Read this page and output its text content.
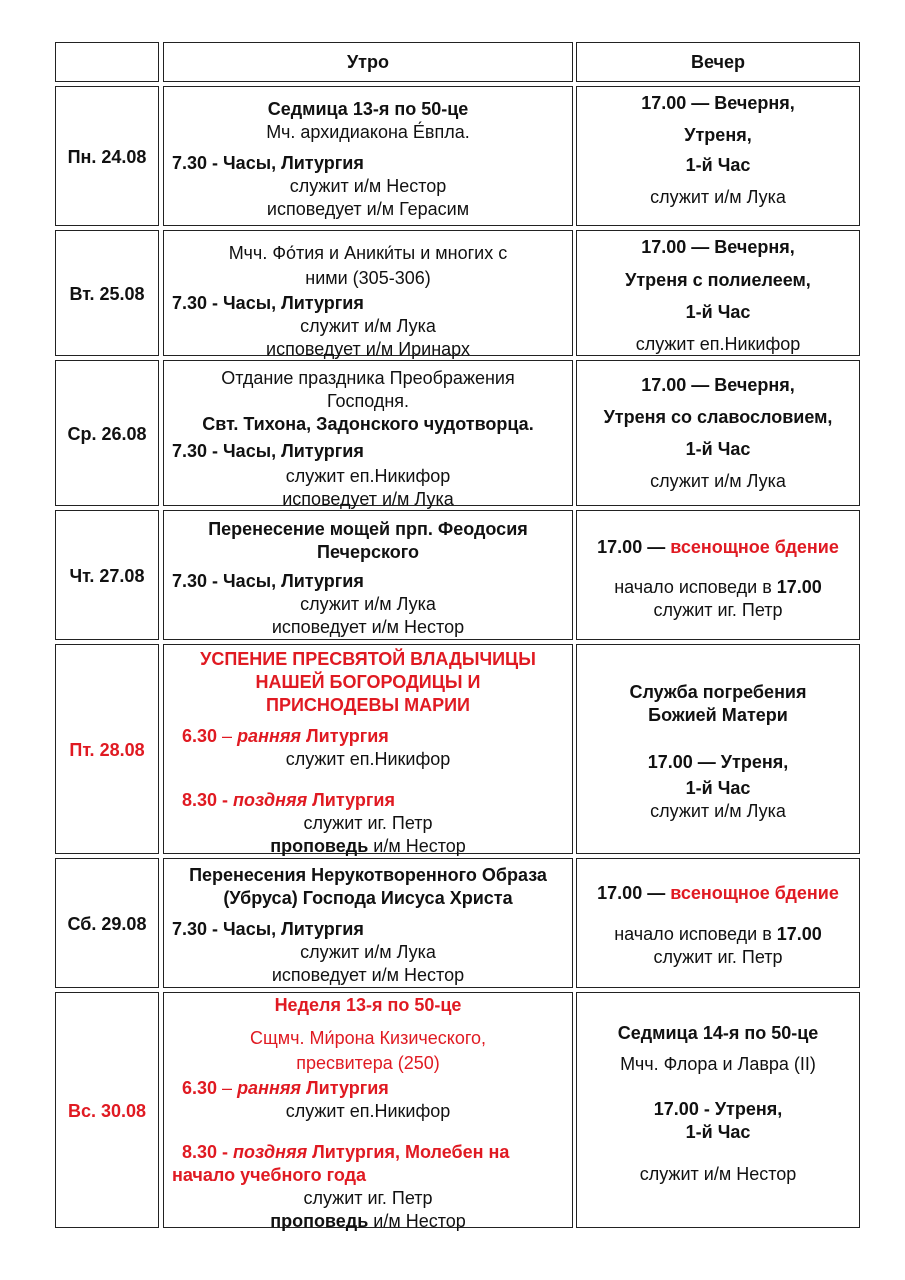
Утро	Вечер
Пн. 24.08
Седмица 13-я по 50-це
Мч. архидиакона Е́впла.
7.30 - Часы, Литургия
служит и/м Нестор
исповедует и/м Герасим
17.00 — Вечерня,
Утреня,
1-й Час
служит и/м Лука
Вт. 25.08
Мчч. Фо́тия и Аники́ты и многих с
ними (305-306)
7.30 - Часы, Литургия
служит и/м Лука
исповедует и/м Иринарх
17.00 — Вечерня,
Утреня с полиелеем,
1-й Час
служит еп.Никифор
Ср. 26.08
Отдание праздника Преображения
Господня.
Свт. Тихона, Задонского чудотворца.
7.30 - Часы, Литургия
служит еп.Никифор
исповедует и/м Лука
17.00 — Вечерня,
Утреня со славословием,
1-й Час
служит и/м Лука
Чт. 27.08
Перенесение мощей прп. Феодосия
Печерского
7.30 - Часы, Литургия
служит и/м Лука
исповедует и/м Нестор
17.00 — всенощное бдение
начало исповеди в 17.00
служит иг. Петр
Пт. 28.08
УСПЕНИЕ ПРЕСВЯТОЙ ВЛАДЫЧИЦЫ
НАШЕЙ БОГОРОДИЦЫ И
ПРИСНОДЕВЫ МАРИИ
6.30 – ранняя Литургия
служит еп.Никифор
8.30 - поздняя Литургия
служит иг. Петр
проповедь и/м Нестор
Служба погребения
Божией Матери
17.00 — Утреня,
1-й Час
служит и/м Лука
Сб. 29.08
Перенесения Нерукотворенного Образа
(Убруса) Господа Иисуса Христа
7.30 - Часы, Литургия
служит и/м Лука
исповедует и/м Нестор
17.00 — всенощное бдение
начало исповеди в 17.00
служит иг. Петр
Вс. 30.08
Неделя 13-я по 50-це
Сщмч. Ми́рона Кизического,
пресвитера (250)
6.30 – ранняя Литургия
служит еп.Никифор
8.30 - поздняя Литургия, Молебен на
начало учебного года
служит иг. Петр
проповедь и/м Нестор
Седмица 14-я по 50-це
Мчч. Флора и Лавра (II)
17.00 - Утреня,
1-й Час
служит и/м Нестор
